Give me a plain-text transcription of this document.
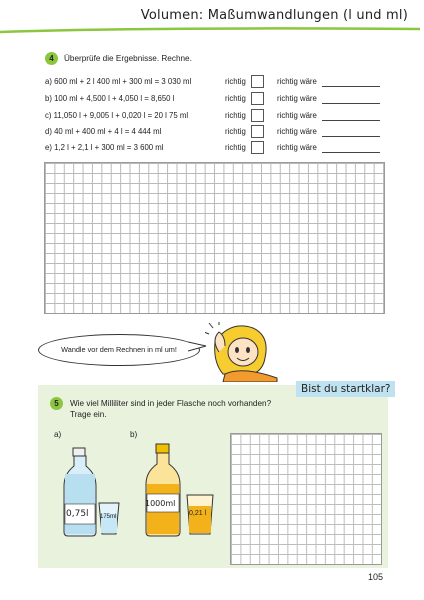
Volumen: Maßumwandlungen (l und ml)
4	Überprüfe die Ergebnisse. Rechne.
a) 600 ml + 2 l 400 ml + 300 ml = 3 030 ml	richtig	richtig wäre
b) 100 ml + 4,500 l + 4,050 l = 8,650 l	richtig	richtig wäre
c) 11,050 l + 9,005 l + 0,020 l = 20 l 75 ml	richtig	richtig wäre
d) 40 ml + 400 ml + 4 l = 4 444 ml	richtig	richtig wäre
e) 1,2 l + 2,1 l + 300 ml = 3 600 ml	richtig	richtig wäre
Wandle vor dem Rechnen in ml um!
Bist du startklar?
5	Wie viel Milliliter sind in jeder Flasche noch vorhanden?
Trage ein.
a)	b)
0,75l 175ml
1000ml
0,21 l
105
